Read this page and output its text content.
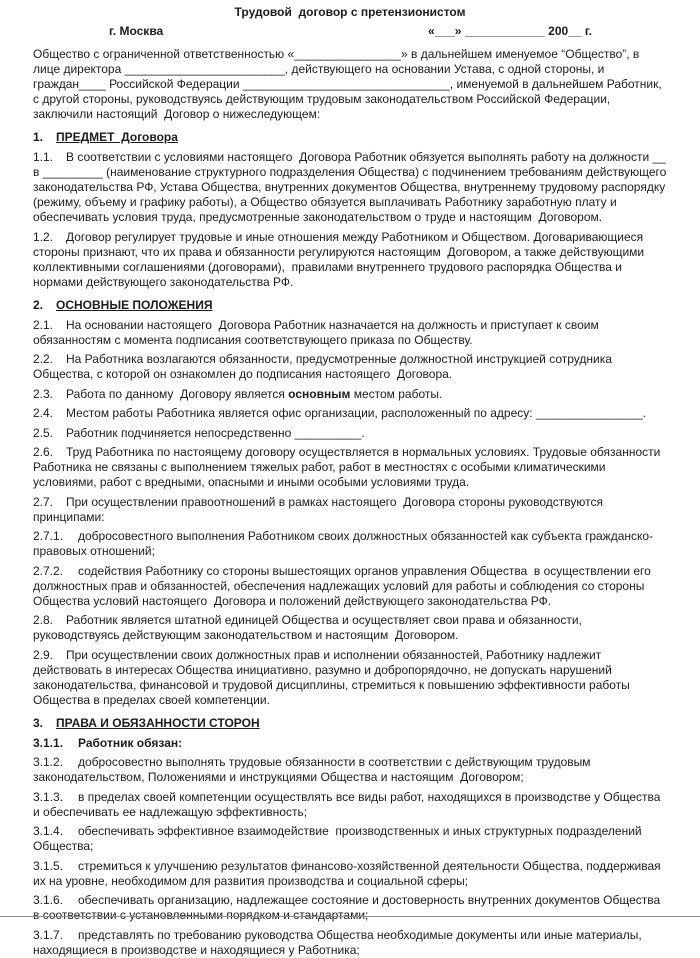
Трудовой  договор с претензионистом

г. Москва	«___» ____________ 200__ г.

Общество с ограниченной ответственностью «________________» в дальнейшем именуемое “Общество”, в лице директора ________________________, действующего на основании Устава, с одной стороны, и граждан____ Российской Федерации _______________________________, именуемой в дальнейшем Работник, с другой стороны, руководствуясь действующим трудовым законодательством Российской Федерации, заключили настоящий  Договор о нижеследующем:

1. ПРЕДМЕТ  Договора

1.1. В соответствии с условиями настоящего  Договора Работник обязуется выполнять работу на должности __ в _________ (наименование структурного подразделения Общества) с подчинением требованиям действующего законодательства РФ, Устава Общества, внутренних документов Общества, внутреннему трудовому распорядку (режиму, объему и графику работы), а Общество обязуется выплачивать Работнику заработную плату и обеспечивать условия труда, предусмотренные законодательством о труде и настоящим  Договором.

1.2. Договор регулирует трудовые и иные отношения между Работником и Обществом. Договаривающиеся стороны признают, что их права и обязанности регулируются настоящим  Договором, а также действующими коллективными соглашениями (договорами),  правилами внутреннего трудового распорядка Общества и нормами действующего законодательства РФ.

2. ОСНОВНЫЕ ПОЛОЖЕНИЯ

2.1. На основании настоящего  Договора Работник назначается на должность и приступает к своим обязанностям с момента подписания соответствующего приказа по Обществу.

2.2. На Работника возлагаются обязанности, предусмотренные должностной инструкцией сотрудника Общества, с которой он ознакомлен до подписания настоящего  Договора.

2.3. Работа по данному  Договору является основным местом работы.

2.4. Местом работы Работника является офис организации, расположенный по адресу: ________________.

2.5. Работник подчиняется непосредственно __________.

2.6. Труд Работника по настоящему договору осуществляется в нормальных условиях. Трудовые обязанности Работника не связаны с выполнением тяжелых работ, работ в местностях с особыми климатическими условиями, работ с вредными, опасными и иными особыми условиями труда.

2.7. При осуществлении правоотношений в рамках настоящего  Договора стороны руководствуются принципами:

2.7.1. добросовестного выполнения Работником своих должностных обязанностей как субъекта гражданско-правовых отношений;

2.7.2. содействия Работнику со стороны вышестоящих органов управления Общества  в осуществлении его должностных прав и обязанностей, обеспечения надлежащих условий для работы и соблюдения со стороны Общества условий настоящего  Договора и положений действующего законодательства РФ.

2.8. Работник является штатной единицей Общества и осуществляет свои права и обязанности, руководствуясь действующим законодательством и настоящим  Договором.

2.9. При осуществлении своих должностных прав и исполнении обязанностей, Работнику надлежит действовать в интересах Общества инициативно, разумно и добропорядочно, не допускать нарушений законодательства, финансовой и трудовой дисциплины, стремиться к повышению эффективности работы Общества в пределах своей компетенции.

3. ПРАВА И ОБЯЗАННОСТИ СТОРОН

3.1.1. Работник обязан:

3.1.2. добросовестно выполнять трудовые обязанности в соответствии с действующим трудовым законодательством, Положениями и инструкциями Общества и настоящим  Договором;

3.1.3. в пределах своей компетенции осуществлять все виды работ, находящихся в производстве у Общества и обеспечивать ее надлежащую эффективность;

3.1.4. обеспечивать эффективное взаимодействие  производственных и иных структурных подразделений Общества;

3.1.5. стремиться к улучшению результатов финансово-хозяйственной деятельности Общества, поддерживая их на уровне, необходимом для развития производства и социальной сферы;

3.1.6. обеспечивать организацию, надлежащее состояние и достоверность внутренних документов Общества в соответствии с установленными порядком и стандартами;

3.1.7. представлять по требованию руководства Общества необходимые документы или иные материалы, находящиеся в производстве и находящиеся у Работника;
